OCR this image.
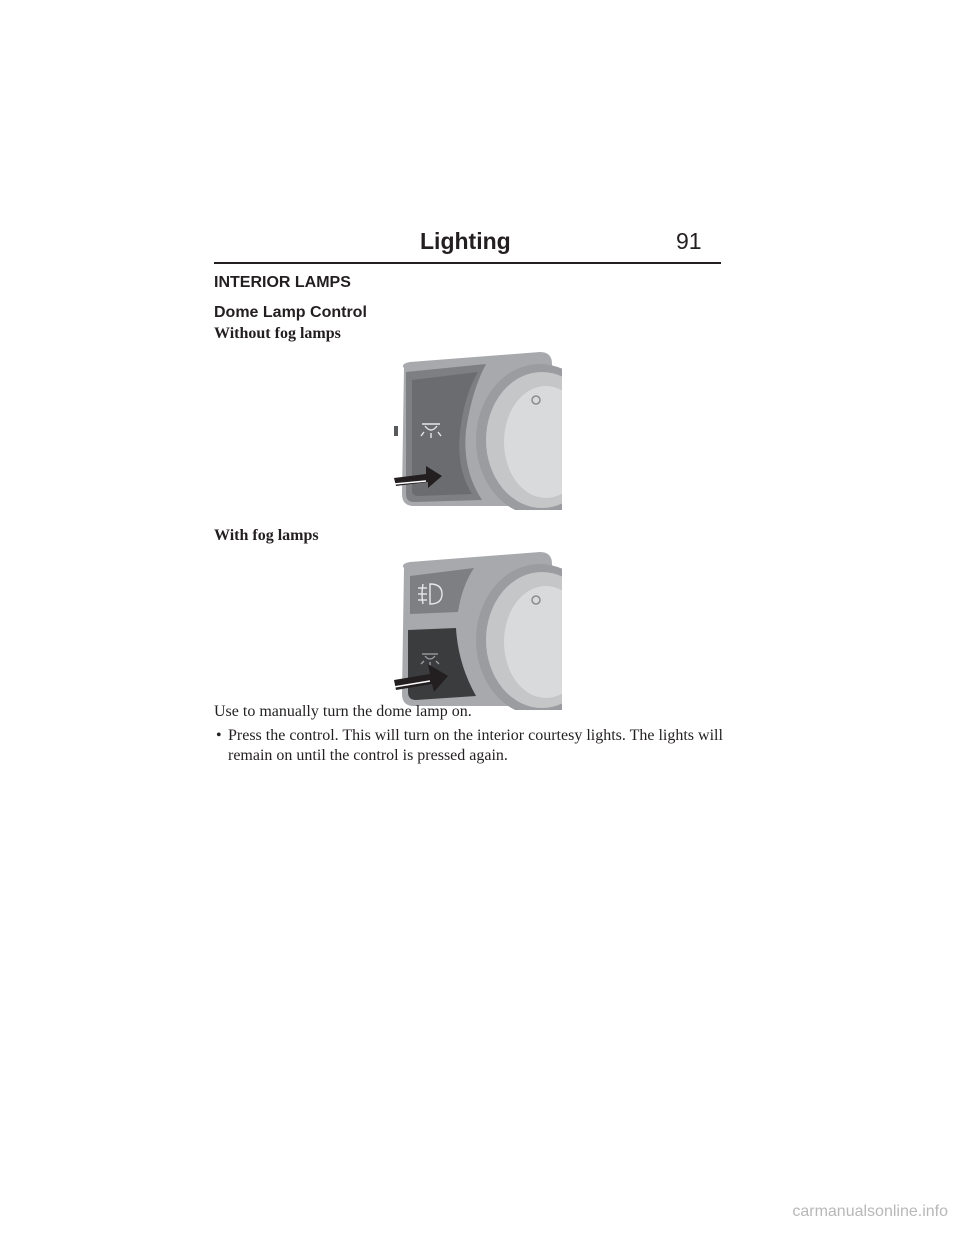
Lighting	91
INTERIOR LAMPS
Dome Lamp Control
Without fog lamps
With fog lamps
Use to manually turn the dome lamp on.
• Press the control. This will turn on the interior courtesy lights. The lights will remain on until the control is pressed again.
carmanualsonline.info
